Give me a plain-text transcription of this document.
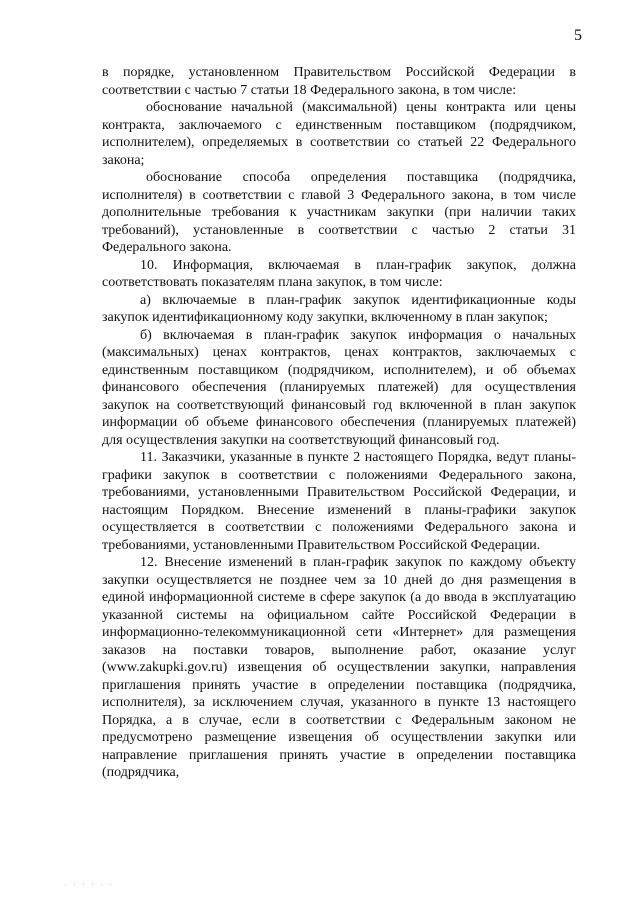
5

в порядке, установленном Правительством Российской Федерации в соответствии с частью 7 статьи 18 Федерального закона, в том числе:

обоснование начальной (максимальной) цены контракта или цены контракта, заключаемого с единственным поставщиком (подрядчиком, исполнителем), определяемых в соответствии со статьей 22 Федерального закона;

обоснование способа определения поставщика (подрядчика, исполнителя) в соответствии с главой 3 Федерального закона, в том числе дополнительные требования к участникам закупки (при наличии таких требований), установленные в соответствии с частью 2 статьи 31 Федерального закона.

10. Информация, включаемая в план-график закупок, должна соответствовать показателям плана закупок, в том числе:

а) включаемые в план-график закупок идентификационные коды закупок идентификационному коду закупки, включенному в план закупок;

б) включаемая в план-график закупок информация о начальных (максимальных) ценах контрактов, ценах контрактов, заключаемых с единственным поставщиком (подрядчиком, исполнителем), и об объемах финансового обеспечения (планируемых платежей) для осуществления закупок на соответствующий финансовый год включенной в план закупок информации об объеме финансового обеспечения (планируемых платежей) для осуществления закупки на соответствующий финансовый год.

11. Заказчики, указанные в пункте 2 настоящего Порядка, ведут планы-графики закупок в соответствии с положениями Федерального закона, требованиями, установленными Правительством Российской Федерации, и настоящим Порядком. Внесение изменений в планы-графики закупок осуществляется в соответствии с положениями Федерального закона и требованиями, установленными Правительством Российской Федерации.

12. Внесение изменений в план-график закупок по каждому объекту закупки осуществляется не позднее чем за 10 дней до дня размещения в единой информационной системе в сфере закупок (а до ввода в эксплуатацию указанной системы на официальном сайте Российской Федерации в информационно-телекоммуникационной сети «Интернет» для размещения заказов на поставки товаров, выполнение работ, оказание услуг (www.zakupki.gov.ru) извещения об осуществлении закупки, направления приглашения принять участие в определении поставщика (подрядчика, исполнителя), за исключением случая, указанного в пункте 13 настоящего Порядка, а в случае, если в соответствии с Федеральным законом не предусмотрено размещение извещения об осуществлении закупки или направление приглашения принять участие в определении поставщика (подрядчика,

. . . . . .
